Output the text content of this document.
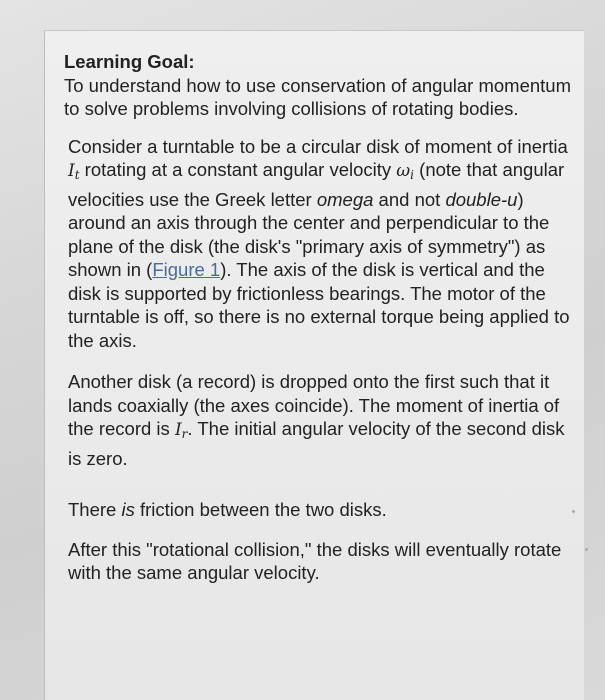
Learning Goal:

To understand how to use conservation of angular momentum to solve problems involving collisions of rotating bodies.

Consider a turntable to be a circular disk of moment of inertia $I_t$ rotating at a constant angular velocity $\omega_i$ (note that angular velocities use the Greek letter omega and not double-u) around an axis through the center and perpendicular to the plane of the disk (the disk's "primary axis of symmetry") as shown in (Figure 1). The axis of the disk is vertical and the disk is supported by frictionless bearings. The motor of the turntable is off, so there is no external torque being applied to the axis.

Another disk (a record) is dropped onto the first such that it lands coaxially (the axes coincide). The moment of inertia of the record is $I_r$. The initial angular velocity of the second disk is zero.

There is friction between the two disks.

After this "rotational collision," the disks will eventually rotate with the same angular velocity.
